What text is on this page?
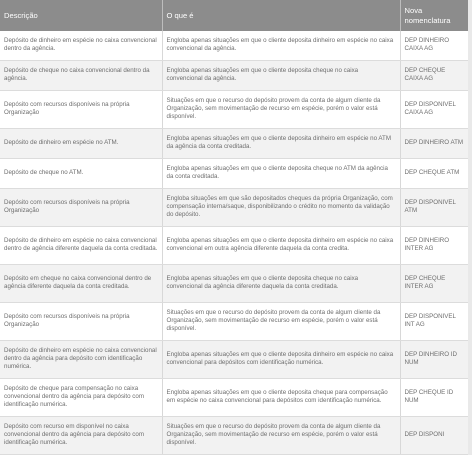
Descrição	O que é	Nova nomenclatura
Depósito de dinheiro em espécie no caixa convencional dentro da agência.	Engloba apenas situações em que o cliente deposita dinheiro em espécie no caixa convencional da agência.	DEP DINHEIRO CAIXA AG
Depósito de cheque no caixa convencional dentro da agência.	Engloba apenas situações em que o cliente deposita cheque no caixa convencional da agência.	DEP CHEQUE CAIXA AG
Depósito com recursos disponíveis na própria Organização	Situações em que o recurso do depósito provem da conta de algum cliente da Organização, sem movimentação de recurso em espécie, porém o valor está disponível.	DEP DISPONIVEL CAIXA AG
Depósito de dinheiro em espécie no ATM.	Engloba apenas situações em que o cliente deposita dinheiro em espécie no ATM da agência da conta creditada.	DEP DINHEIRO ATM
Depósito de cheque no ATM.	Engloba apenas situações em que o cliente deposita cheque no ATM da agência da conta creditada.	DEP CHEQUE ATM
Depósito com recursos disponíveis na própria Organização	Engloba situações em que são depositados cheques da própria Organização, com compensação interna/saque, disponibilizando o crédito no momento da validação do depósito.	DEP DISPONIVEL ATM
Depósito de dinheiro em espécie no caixa convencional dentro de agência diferente daquela da conta creditada.	Engloba apenas situações em que o cliente deposita dinheiro em espécie no caixa convencional em outra agência diferente daquela da conta credita.	DEP DINHEIRO INTER AG
Depósito em cheque no caixa convencional dentro de agência diferente daquela da conta creditada.	Engloba apenas situações em que o cliente deposita cheque no caixa convencional da agência diferente daquela da conta creditada.	DEP CHEQUE INTER AG
Depósito com recursos disponíveis na própria Organização	Situações em que o recurso do depósito provem da conta de algum cliente da Organização, sem movimentação de recurso em espécie, porém o valor está disponível.	DEP DISPONIVEL INT AG
Depósito de dinheiro em espécie no caixa convencional dentro da agência para depósito com identificação numérica.	Engloba apenas situações em que o cliente deposita dinheiro em espécie no caixa convencional para depósitos com identificação numérica.	DEP DINHEIRO ID NUM
Depósito de cheque para compensação no caixa convencional dentro da agência para depósito com identificação numérica.	Engloba apenas situações em que o cliente deposita cheque para compensação em espécie no caixa convencional para depósitos com identificação numérica.	DEP CHEQUE ID NUM
Depósito com recurso em disponível no caixa convencional dentro da agência para depósito com identificação numérica.	Situações em que o recurso do depósito provem da conta de algum cliente da Organização, sem movimentação de recurso em espécie, porém o valor está disponível.	DEP DISPONI
